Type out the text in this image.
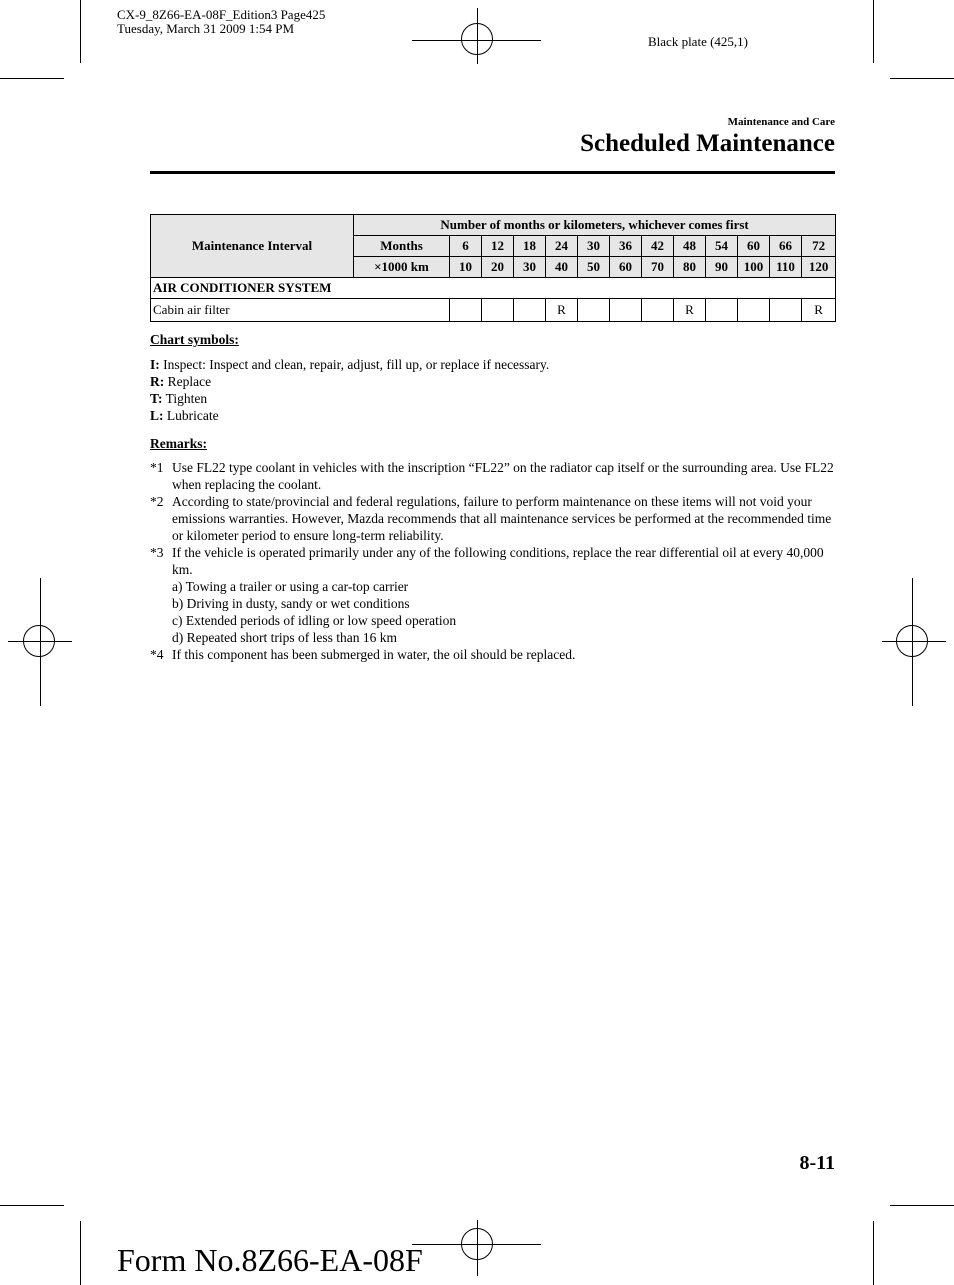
CX-9_8Z66-EA-08F_Edition3 Page425
Tuesday, March 31 2009 1:54 PM
Black plate (425,1)
Maintenance and Care
Scheduled Maintenance
Maintenance Interval	Number of months or kilometers, whichever comes first												
	Months	6	12	18	24	30	36	42	48	54	60	66	72
	×1000 km	10	20	30	40	50	60	70	80	90	100	110	120
AIR CONDITIONER SYSTEM													
Cabin air filter					R				R				R
Chart symbols:
I: Inspect: Inspect and clean, repair, adjust, fill up, or replace if necessary.
R: Replace
T: Tighten
L: Lubricate
Remarks:
*1 Use FL22 type coolant in vehicles with the inscription “FL22” on the radiator cap itself or the surrounding area. Use FL22 when replacing the coolant.
*2 According to state/provincial and federal regulations, failure to perform maintenance on these items will not void your emissions warranties. However, Mazda recommends that all maintenance services be performed at the recommended time or kilometer period to ensure long-term reliability.
*3 If the vehicle is operated primarily under any of the following conditions, replace the rear differential oil at every 40,000 km.
a) Towing a trailer or using a car-top carrier
b) Driving in dusty, sandy or wet conditions
c) Extended periods of idling or low speed operation
d) Repeated short trips of less than 16 km
*4 If this component has been submerged in water, the oil should be replaced.
8-11
Form No.8Z66-EA-08F
